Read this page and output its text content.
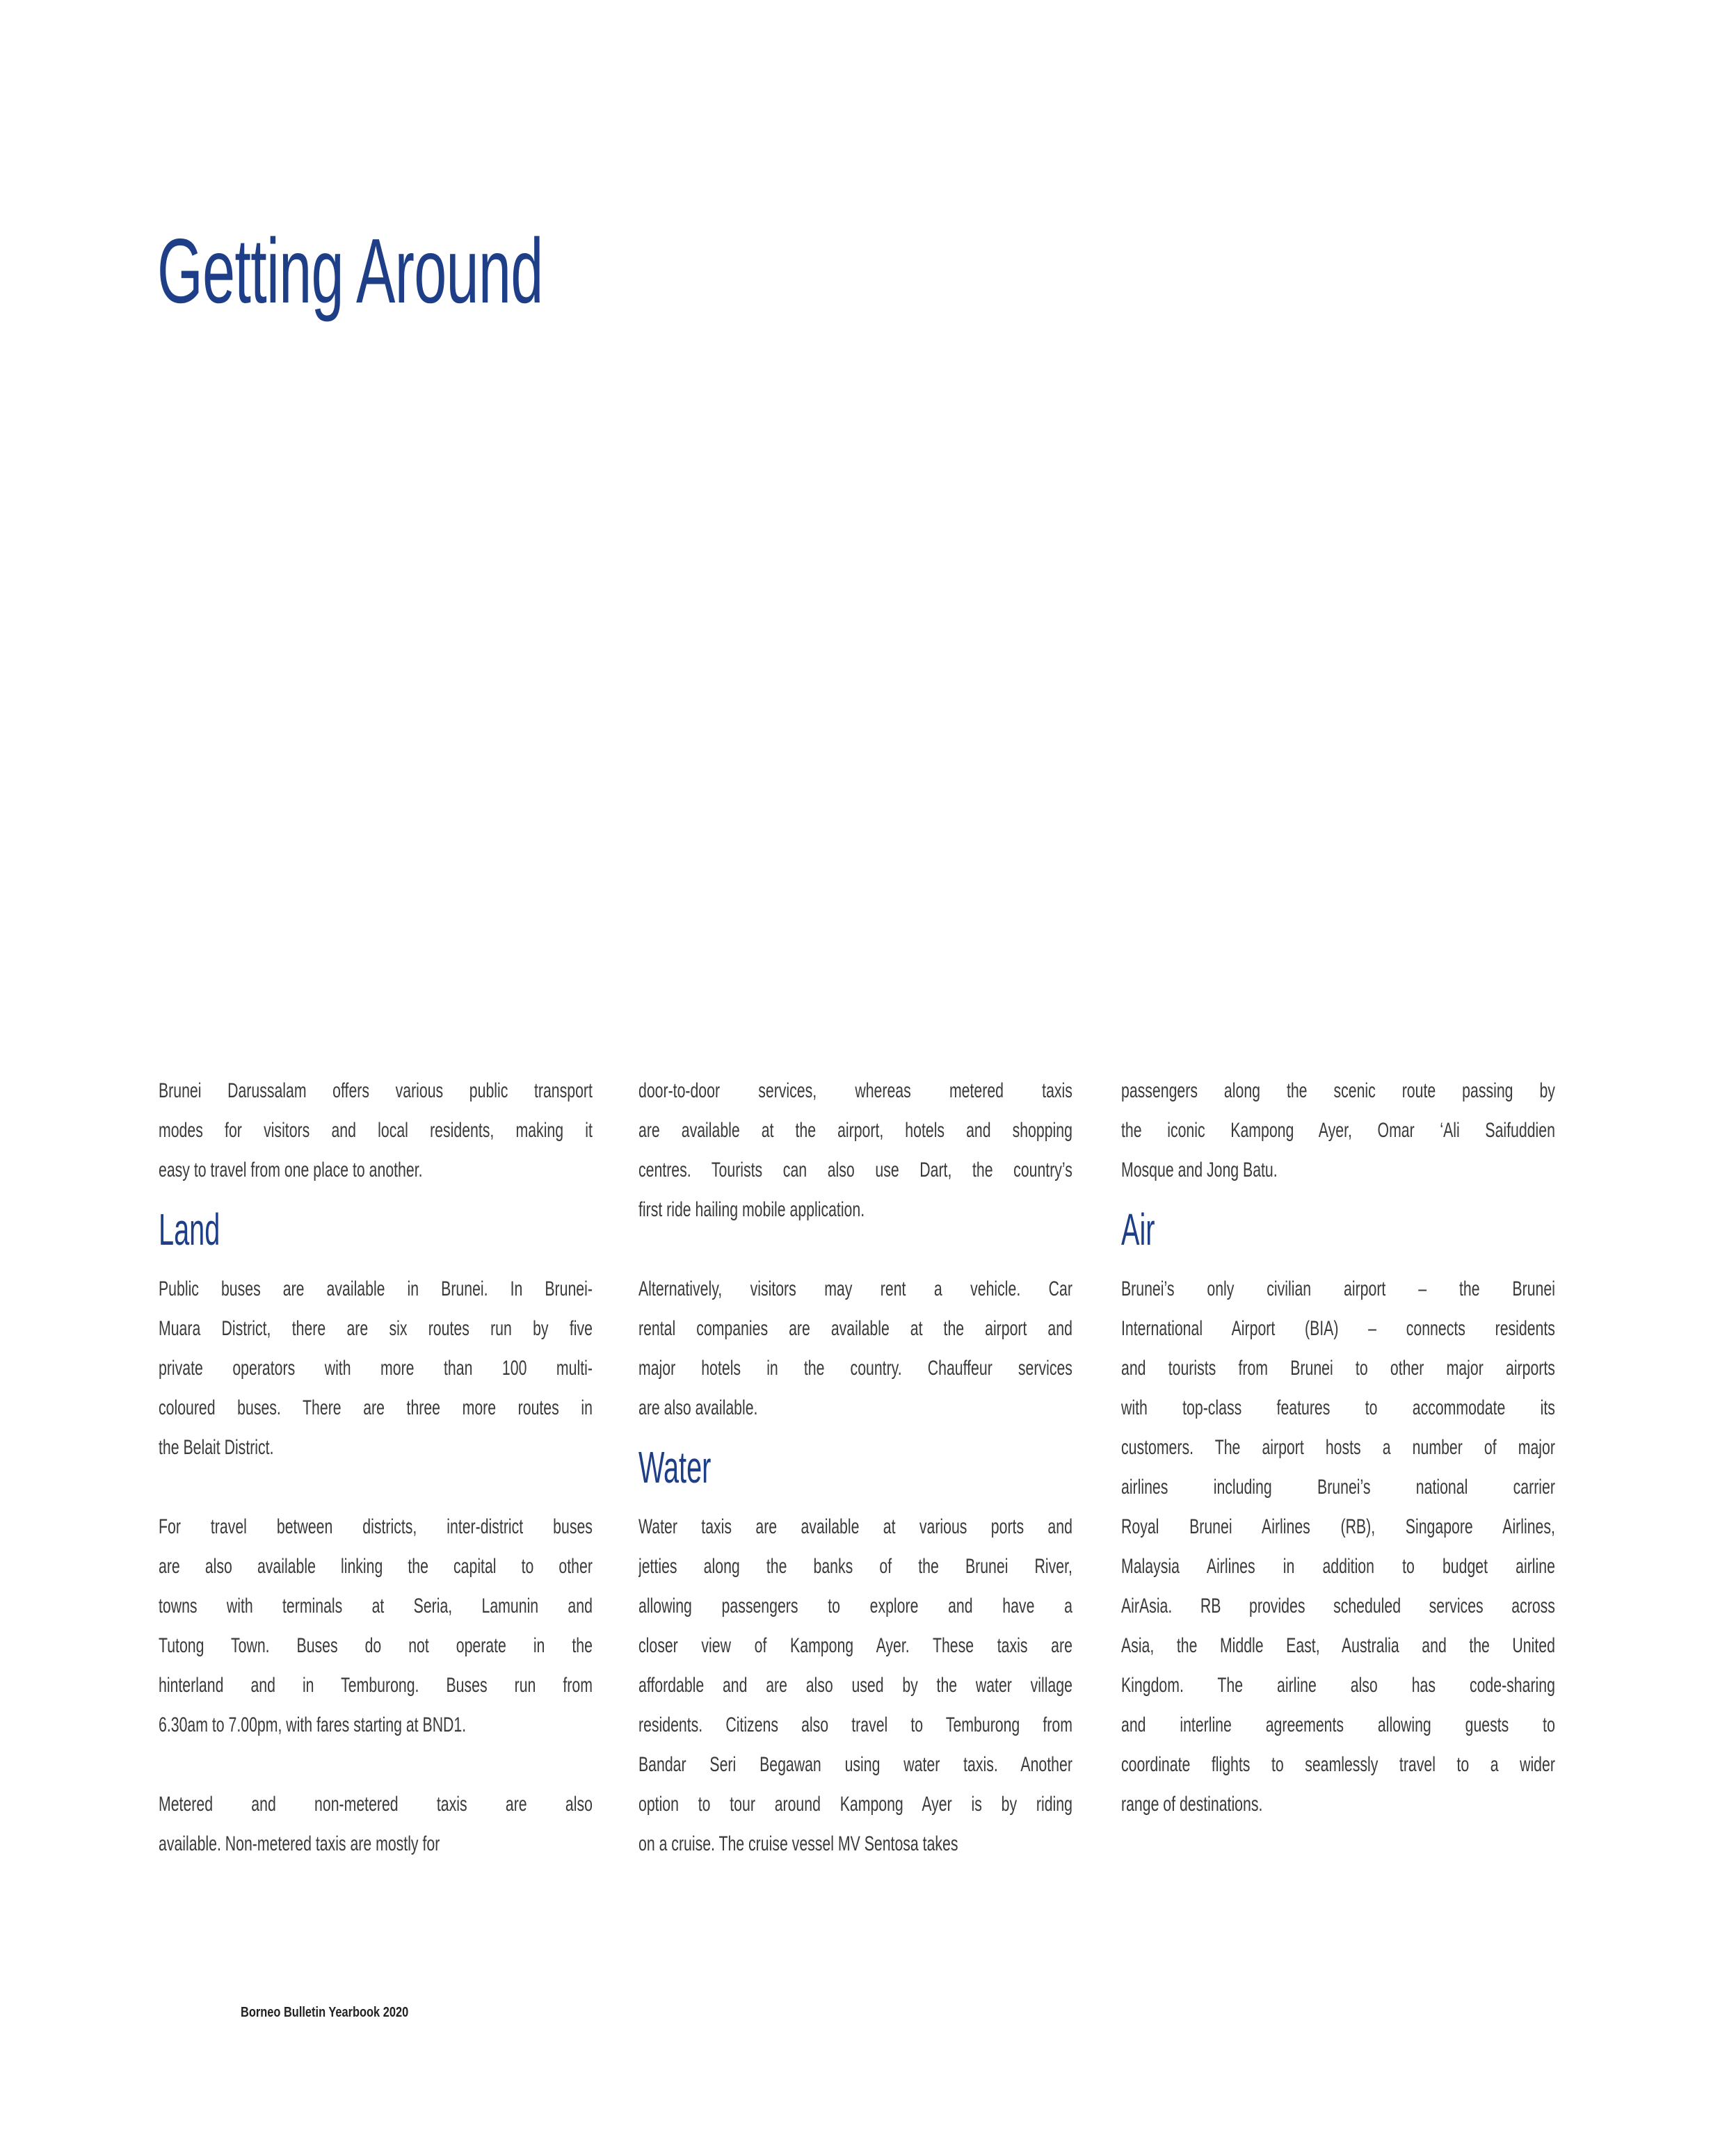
Getting Around
Brunei Darussalam offers various public transport
modes for visitors and local residents, making it
easy to travel from one place to another.
Land
Public buses are available in Brunei. In Brunei-
Muara District, there are six routes run by five
private operators with more than 100 multi-
coloured buses. There are three more routes in
the Belait District.
For travel between districts, inter-district buses
are also available linking the capital to other
towns with terminals at Seria, Lamunin and
Tutong Town. Buses do not operate in the
hinterland and in Temburong. Buses run from
6.30am to 7.00pm, with fares starting at BND1.
Metered and non-metered taxis are also
available. Non-metered taxis are mostly for
door-to-door services, whereas metered taxis
are available at the airport, hotels and shopping
centres. Tourists can also use Dart, the country’s
first ride hailing mobile application.
Alternatively, visitors may rent a vehicle. Car
rental companies are available at the airport and
major hotels in the country. Chauffeur services
are also available.
Water
Water taxis are available at various ports and
jetties along the banks of the Brunei River,
allowing passengers to explore and have a
closer view of Kampong Ayer. These taxis are
affordable and are also used by the water village
residents. Citizens also travel to Temburong from
Bandar Seri Begawan using water taxis. Another
option to tour around Kampong Ayer is by riding
on a cruise. The cruise vessel MV Sentosa takes
passengers along the scenic route passing by
the iconic Kampong Ayer, Omar ‘Ali Saifuddien
Mosque and Jong Batu.
Air
Brunei’s only civilian airport – the Brunei
International Airport (BIA) – connects residents
and tourists from Brunei to other major airports
with top-class features to accommodate its
customers. The airport hosts a number of major
airlines including Brunei’s national carrier
Royal Brunei Airlines (RB), Singapore Airlines,
Malaysia Airlines in addition to budget airline
AirAsia. RB provides scheduled services across
Asia, the Middle East, Australia and the United
Kingdom. The airline also has code-sharing
and interline agreements allowing guests to
coordinate flights to seamlessly travel to a wider
range of destinations.

Borneo Bulletin Yearbook 2020
